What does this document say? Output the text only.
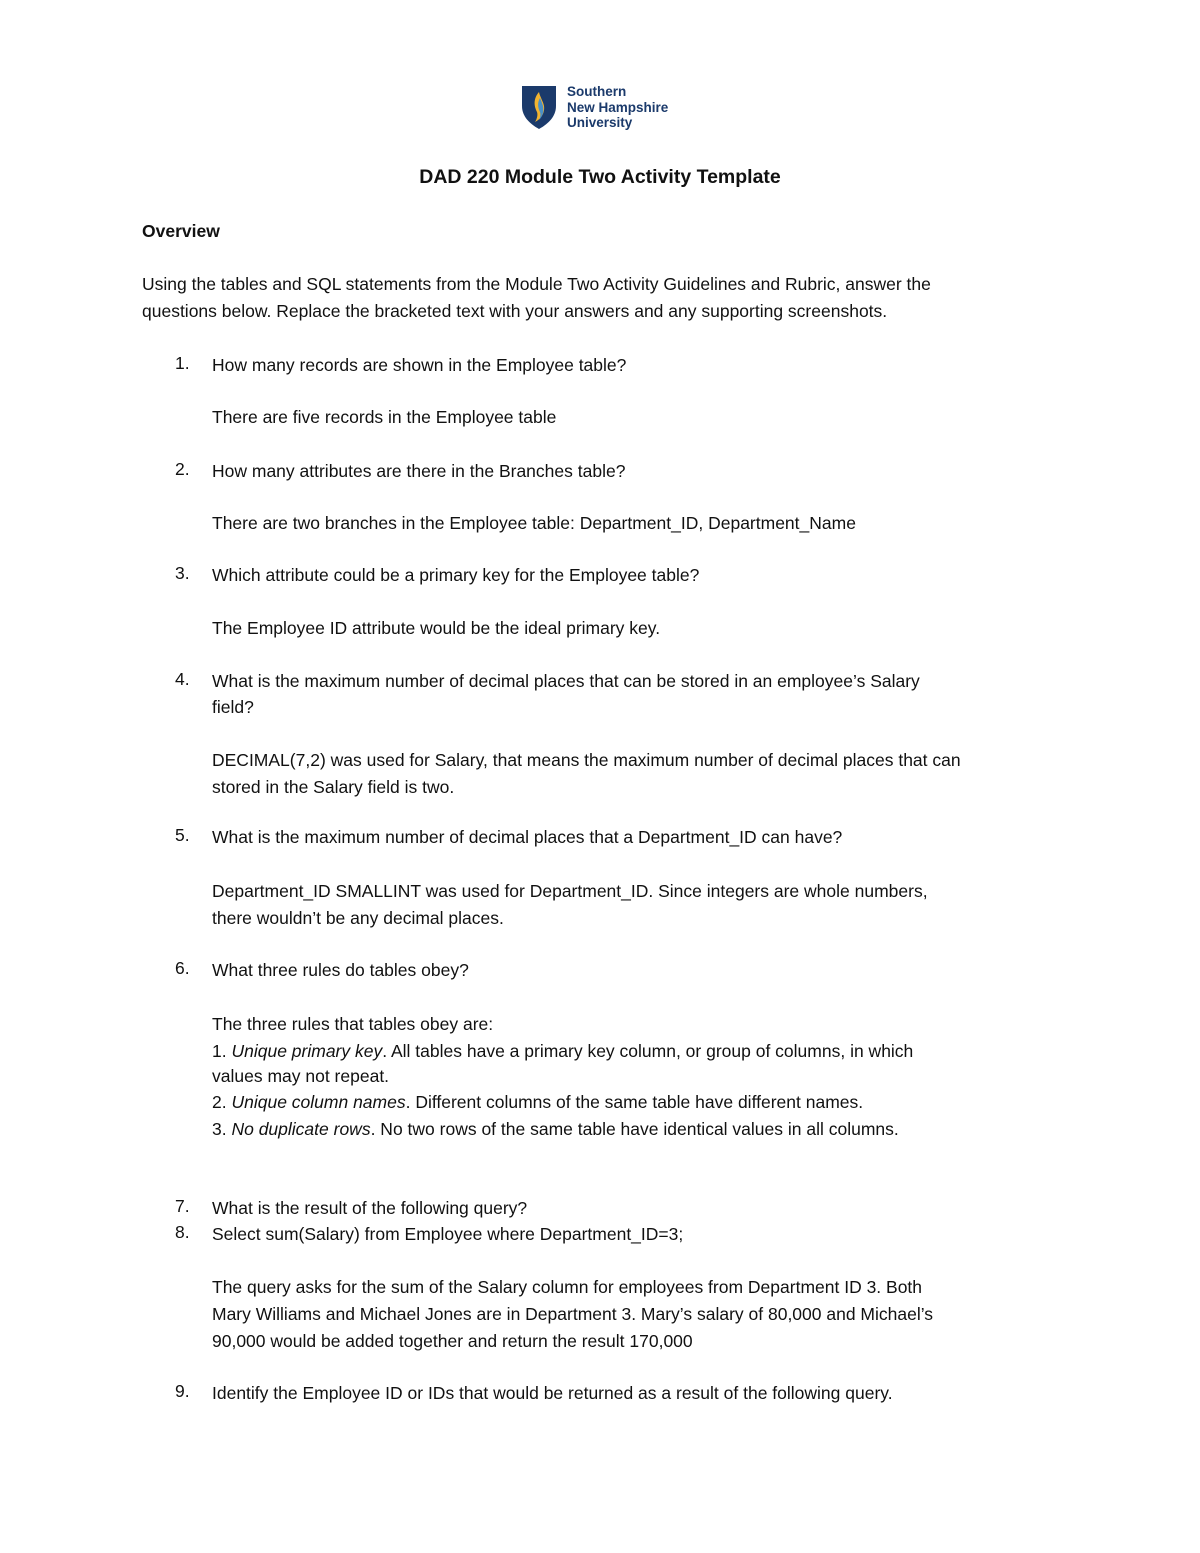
Southern
New Hampshire
University
DAD 220 Module Two Activity Template
Overview
Using the tables and SQL statements from the Module Two Activity Guidelines and Rubric, answer the
questions below. Replace the bracketed text with your answers and any supporting screenshots.
1. How many records are shown in the Employee table?
There are five records in the Employee table
2. How many attributes are there in the Branches table?
There are two branches in the Employee table: Department_ID, Department_Name
3. Which attribute could be a primary key for the Employee table?
The Employee ID attribute would be the ideal primary key.
4. What is the maximum number of decimal places that can be stored in an employee’s Salary
field?
DECIMAL(7,2) was used for Salary, that means the maximum number of decimal places that can
stored in the Salary field is two.
5. What is the maximum number of decimal places that a Department_ID can have?
Department_ID SMALLINT was used for Department_ID. Since integers are whole numbers,
there wouldn’t be any decimal places.
6. What three rules do tables obey?
The three rules that tables obey are:
1. Unique primary key. All tables have a primary key column, or group of columns, in which
values may not repeat.
2. Unique column names. Different columns of the same table have different names.
3. No duplicate rows. No two rows of the same table have identical values in all columns.
7. What is the result of the following query?
8. Select sum(Salary) from Employee where Department_ID=3;
The query asks for the sum of the Salary column for employees from Department ID 3. Both
Mary Williams and Michael Jones are in Department 3. Mary’s salary of 80,000 and Michael’s
90,000 would be added together and return the result 170,000
9. Identify the Employee ID or IDs that would be returned as a result of the following query.
